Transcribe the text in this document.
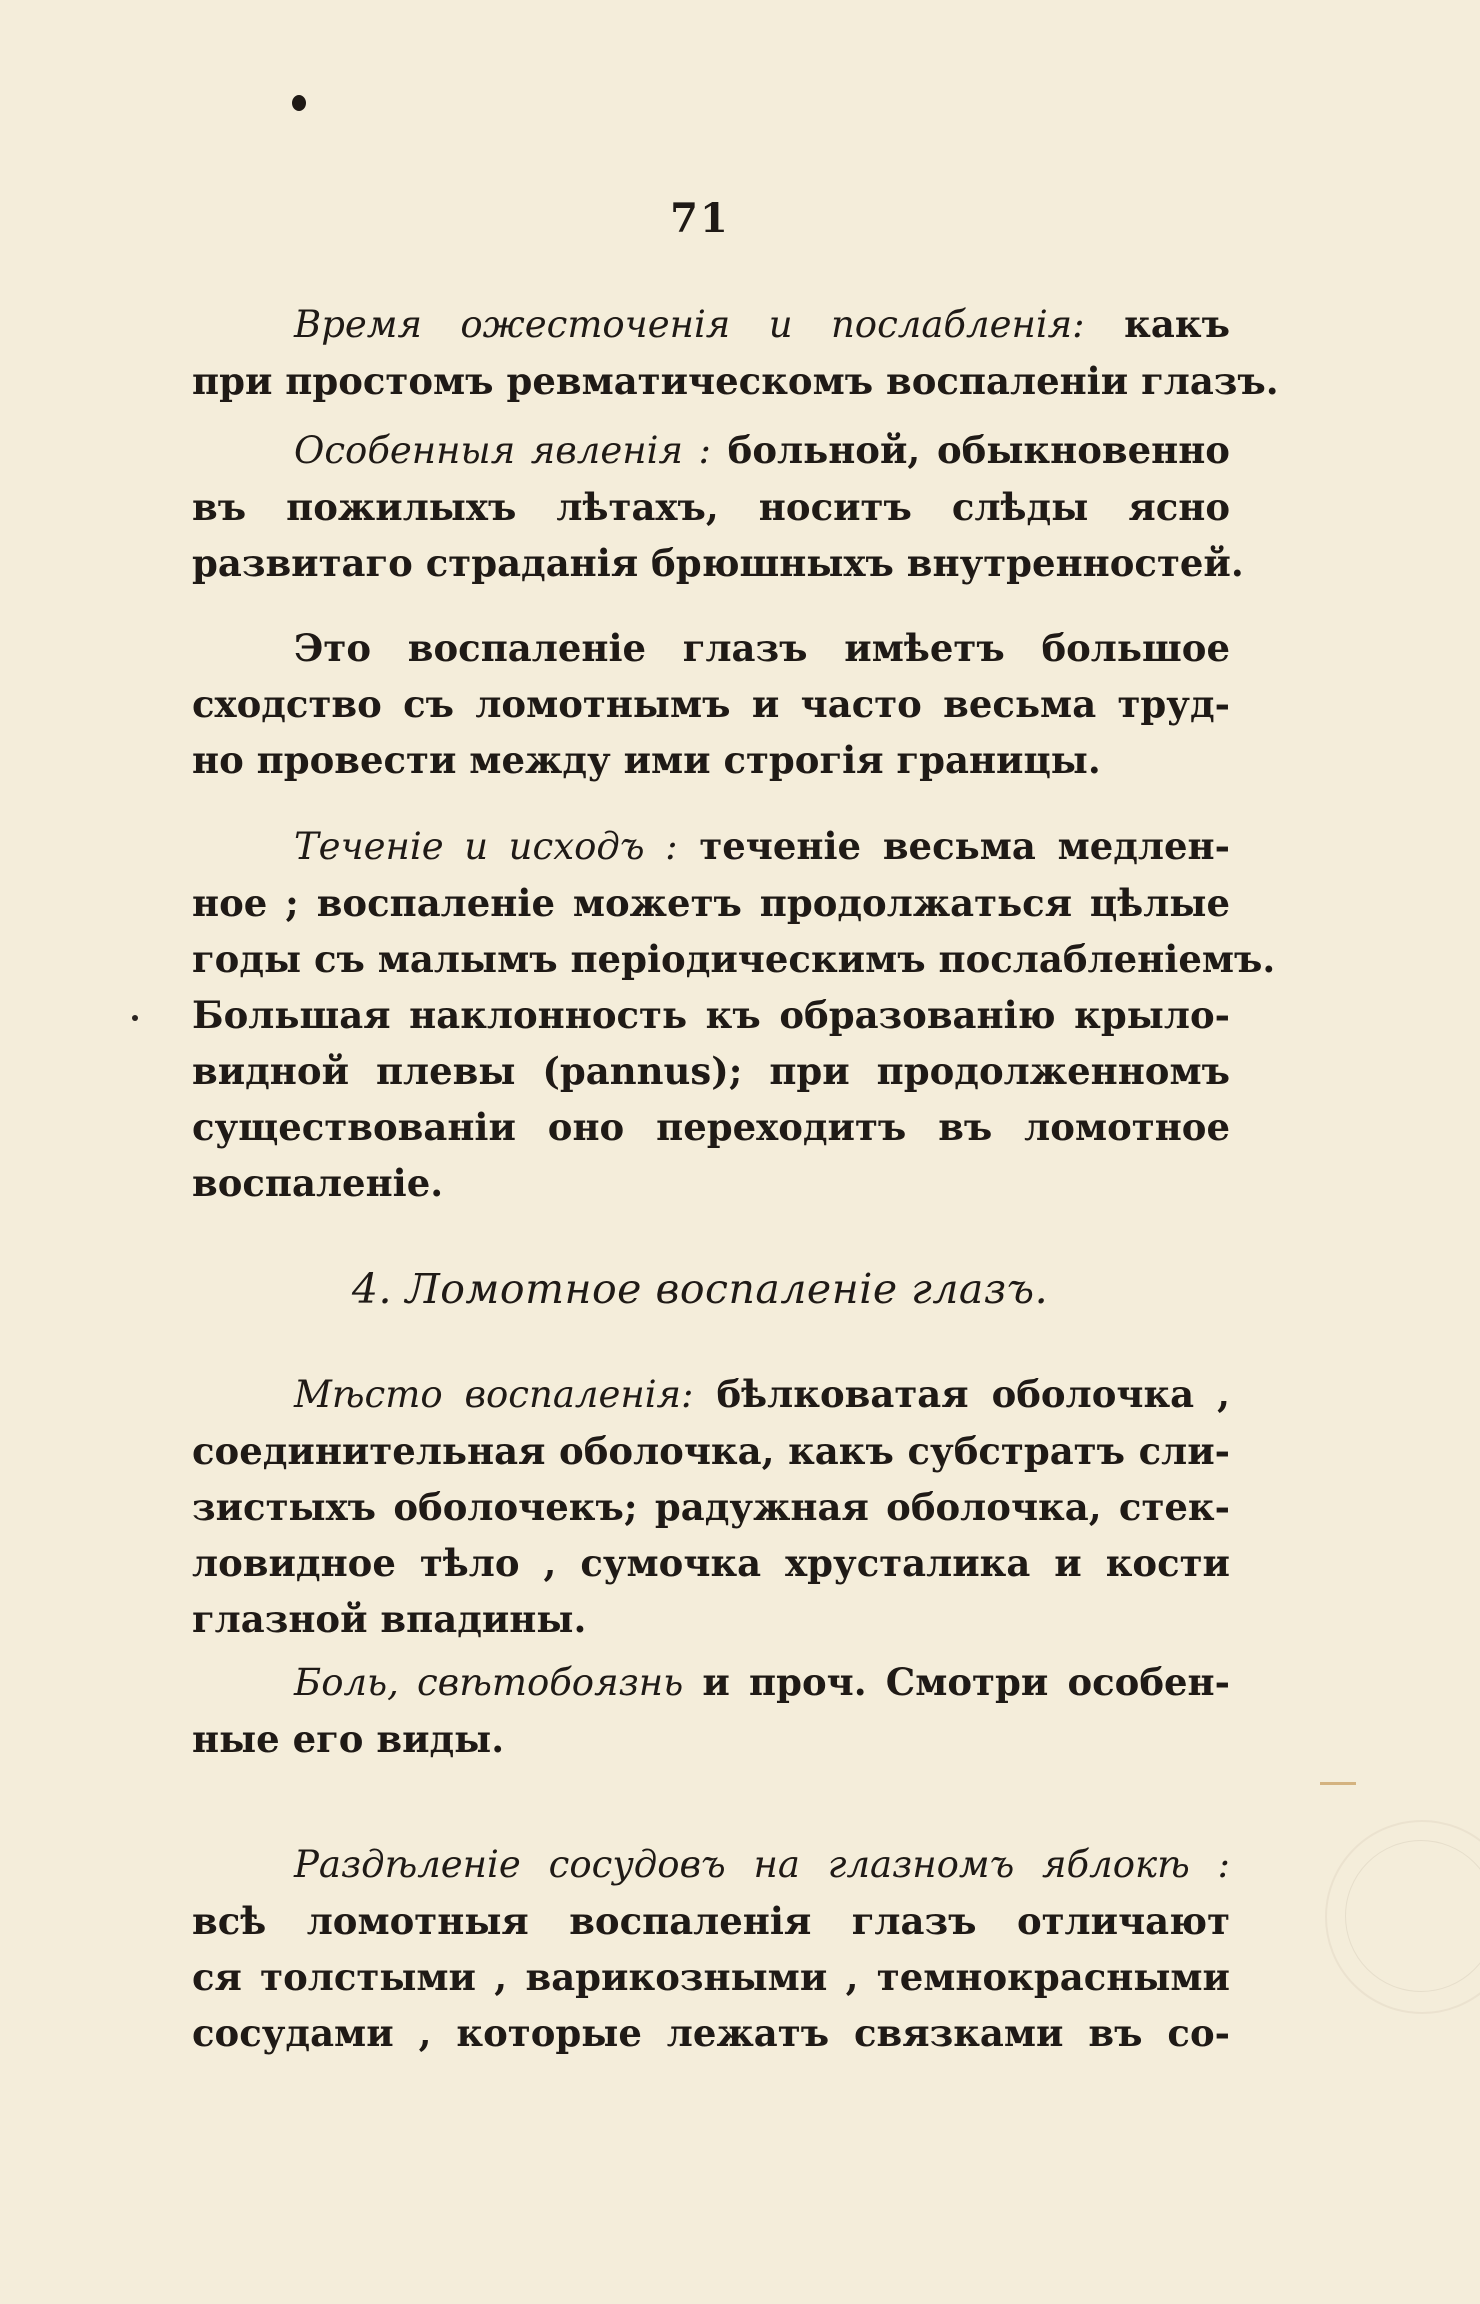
71
Время ожесточенія и послабленія: какъ
при простомъ ревматическомъ воспаленіи глазъ.
Особенныя явленія : больной, обыкновенно
въ пожилыхъ лѣтахъ, носитъ слѣды ясно
развитаго страданія брюшныхъ внутренностей.
Это воспаленіе глазъ имѣетъ большое
сходство съ ломотнымъ и часто весьма труд-
но провести между ими строгія границы.
Теченіе и исходъ : теченіе весьма медлен-
ное ; воспаленіе можетъ продолжаться цѣлые
годы съ малымъ періодическимъ послабленіемъ.
Большая наклонность къ образованію крыло-
видной плевы (pannus); при продолженномъ
существованіи оно переходитъ въ ломотное
воспаленіе.
4. Ломотное воспаленіе глазъ.
Мѣсто воспаленія: бѣлковатая оболочка ,
соединительная оболочка, какъ субстратъ сли-
зистыхъ оболочекъ; радужная оболочка, стек-
ловидное тѣло , сумочка хрусталика и кости
глазной впадины.
Боль, свѣтобоязнь и проч. Смотри особен-
ные его виды.
Раздѣленіе сосудовъ на глазномъ яблокѣ :
всѣ ломотныя воспаленія глазъ отличают
ся толстыми , варикозными , темнокрасными
сосудами , которые лежатъ связками въ со-
